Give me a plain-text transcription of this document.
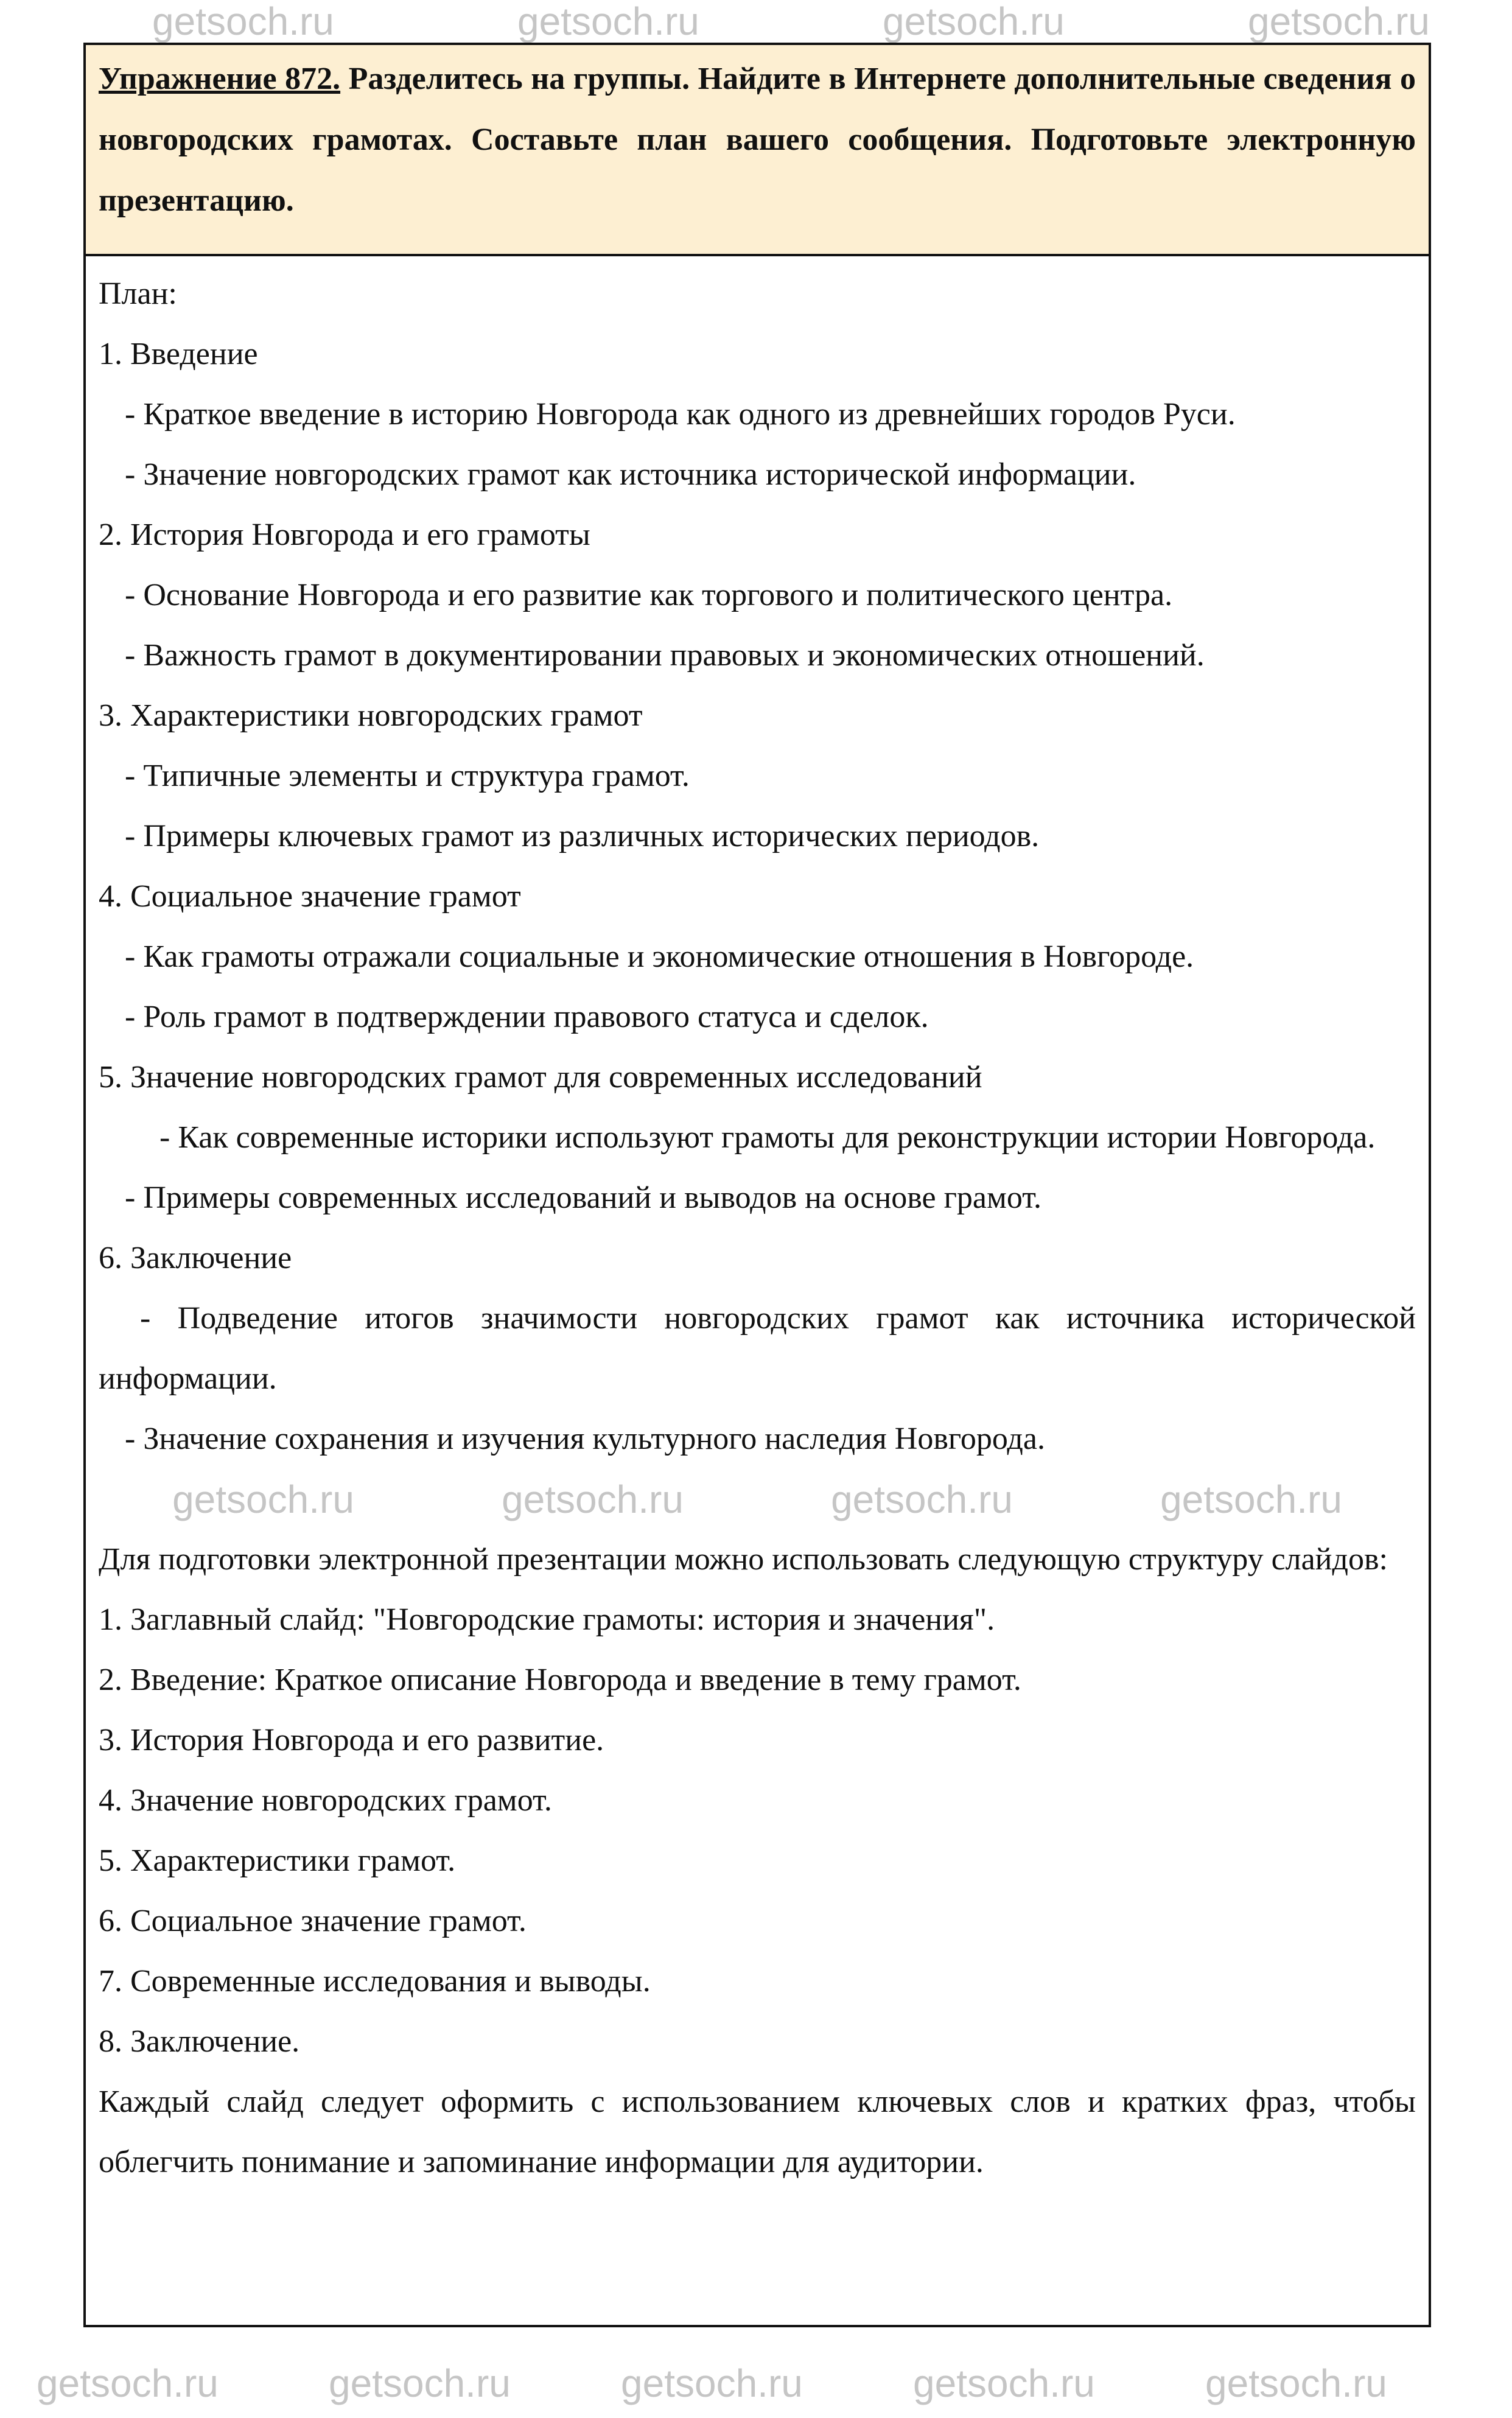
getsoch.ru	getsoch.ru	getsoch.ru	getsoch.ru
Упражнение 872. Разделитесь на группы. Найдите в Интернете дополнительные сведения о новгородских грамотах. Составьте план вашего сообщения. Подготовьте электронную презентацию.
План:
1. Введение
- Краткое введение в историю Новгорода как одного из древнейших городов Руси.
- Значение новгородских грамот как источника исторической информации.
2. История Новгорода и его грамоты
- Основание Новгорода и его развитие как торгового и политического центра.
- Важность грамот в документировании правовых и экономических отношений.
3. Характеристики новгородских грамот
- Типичные элементы и структура грамот.
- Примеры ключевых грамот из различных исторических периодов.
4. Социальное значение грамот
- Как грамоты отражали социальные и экономические отношения в Новгороде.
- Роль грамот в подтверждении правового статуса и сделок.
5. Значение новгородских грамот для современных исследований
- Как современные историки используют грамоты для реконструкции истории Новгорода.
- Примеры современных исследований и выводов на основе грамот.
6. Заключение
- Подведение итогов значимости новгородских грамот как источника исторической информации.
- Значение сохранения и изучения культурного наследия Новгорода.
getsoch.ru	getsoch.ru	getsoch.ru	getsoch.ru
Для подготовки электронной презентации можно использовать следующую структуру слайдов:
1. Заглавный слайд: "Новгородские грамоты: история и значения".
2. Введение: Краткое описание Новгорода и введение в тему грамот.
3. История Новгорода и его развитие.
4. Значение новгородских грамот.
5. Характеристики грамот.
6. Социальное значение грамот.
7. Современные исследования и выводы.
8. Заключение.
Каждый слайд следует оформить с использованием ключевых слов и кратких фраз, чтобы облегчить понимание и запоминание информации для аудитории.
getsoch.ru	getsoch.ru	getsoch.ru	getsoch.ru	getsoch.ru
